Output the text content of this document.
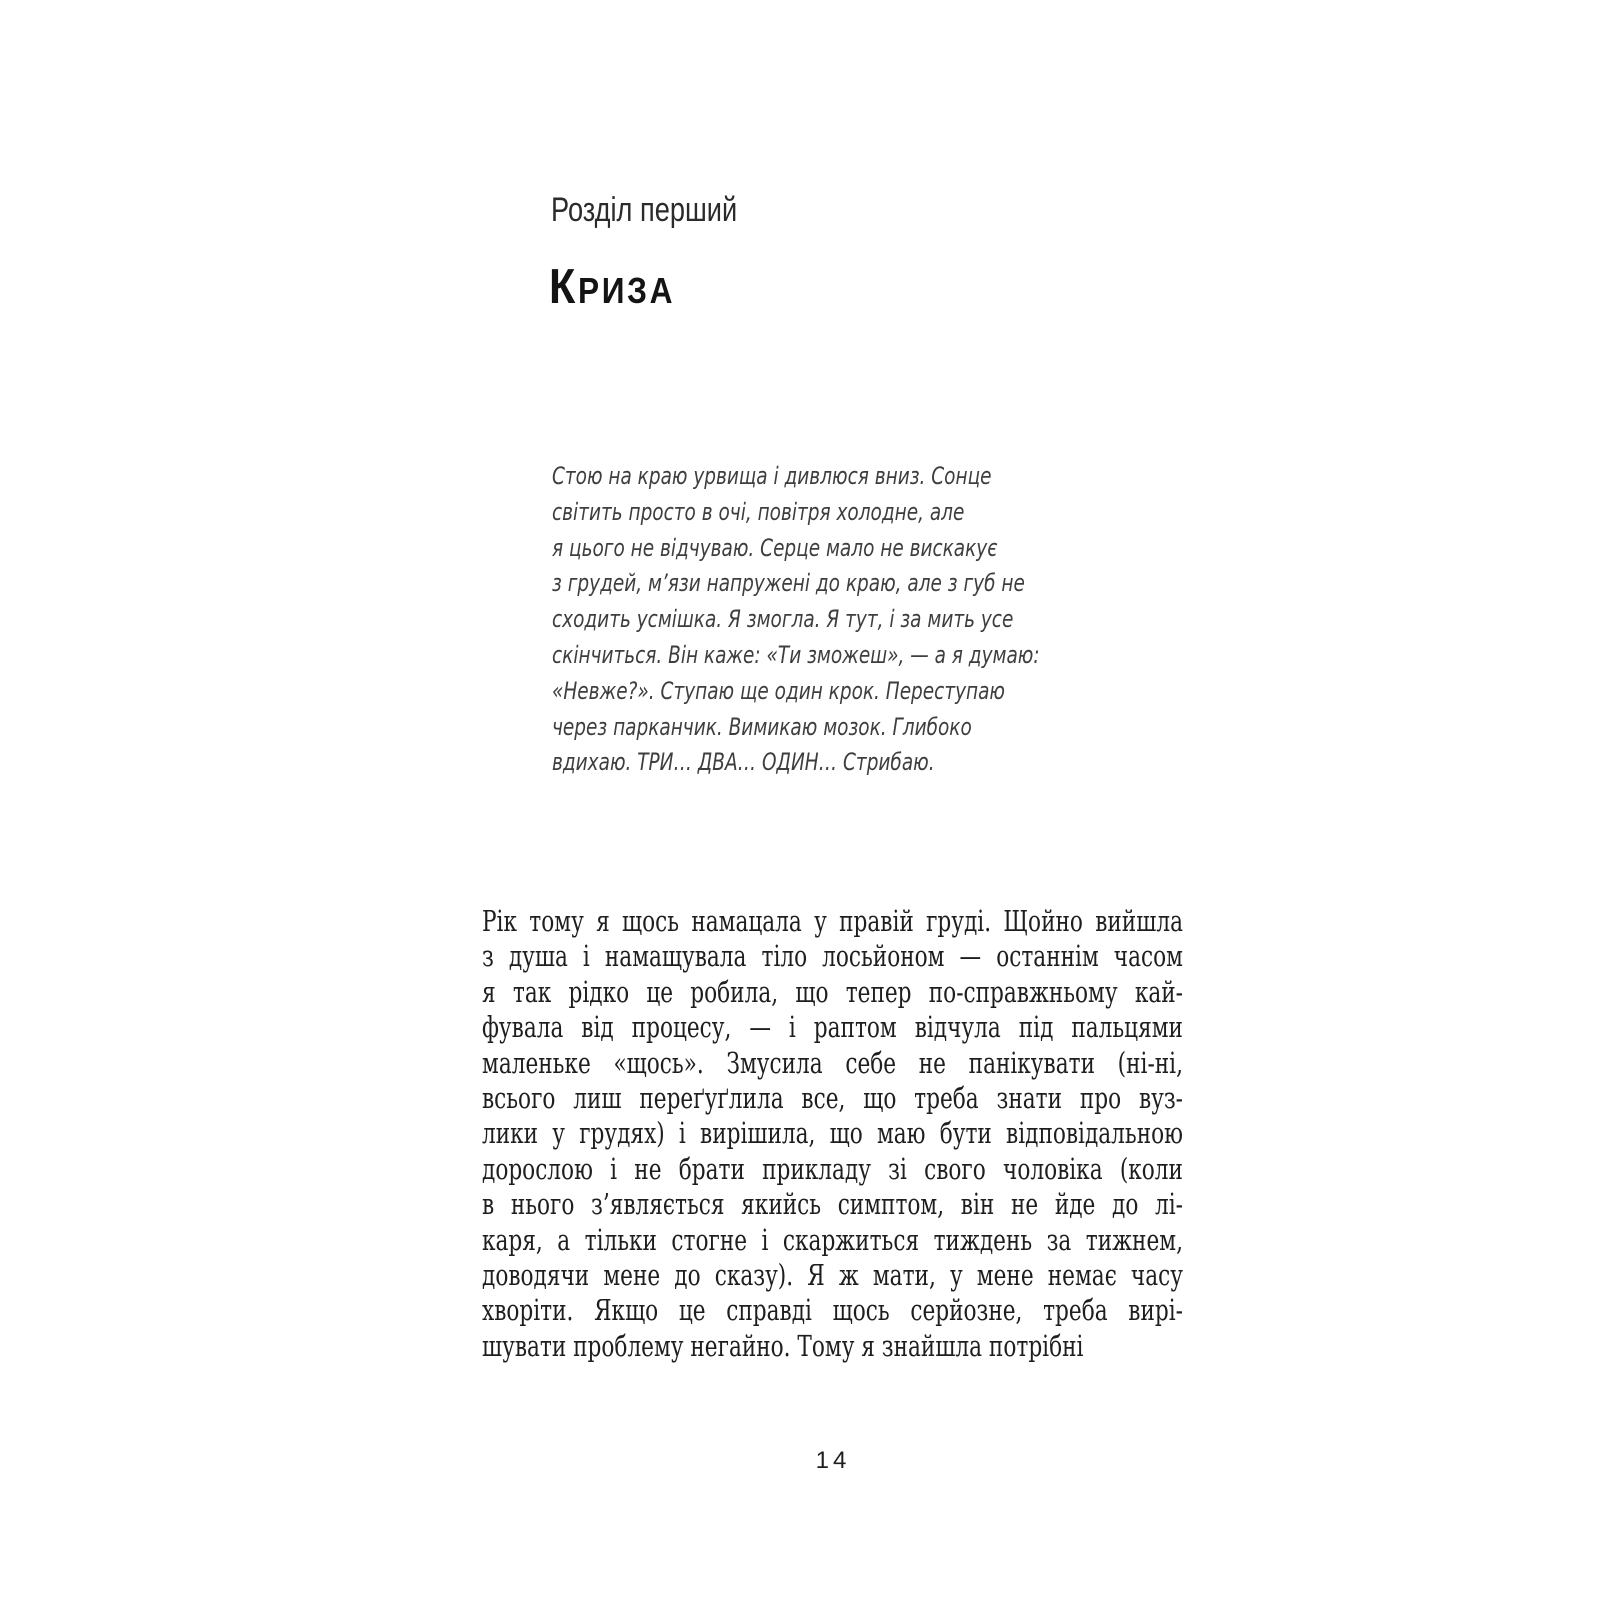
Розділ перший
КРИЗА
Стою на краю урвища і дивлюся вниз. Сонце
світить просто в очі, повітря холодне, але
я цього не відчуваю. Серце мало не вискакує
з грудей, м’язи напружені до краю, але з губ не
сходить усмішка. Я змогла. Я тут, і за мить усе
скінчиться. Він каже: «Ти зможеш», — а я думаю:
«Невже?». Ступаю ще один крок. Переступаю
через парканчик. Вимикаю мозок. Глибоко
вдихаю. ТРИ… ДВА… ОДИН… Стрибаю.
Рік тому я щось намацала у правій груді. Щойно вийшла
з душа і намащувала тіло лосьйоном — останнім часом
я так рідко це робила, що тепер по-справжньому кай-
фувала від процесу, — і раптом відчула під пальцями
маленьке «щось». Змусила себе не панікувати (ні-ні,
всього лиш переґуґлила все, що треба знати про вуз-
лики у грудях) і вирішила, що маю бути відповідальною
дорослою і не брати прикладу зі свого чоловіка (коли
в нього з’являється якийсь симптом, він не йде до лі-
каря, а тільки стогне і скаржиться тиждень за тижнем,
доводячи мене до сказу). Я ж мати, у мене немає часу
хворіти. Якщо це справді щось серйозне, треба вирі-
шувати проблему негайно. Тому я знайшла потрібні
14
